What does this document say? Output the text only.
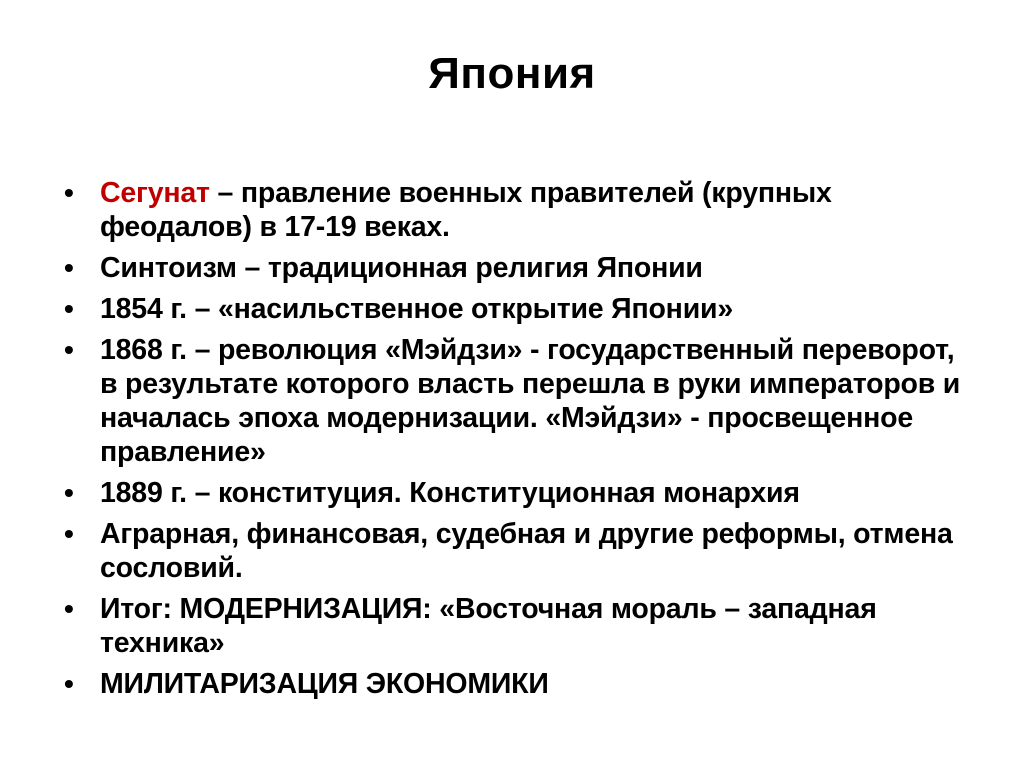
Япония
• Сегунат – правление военных правителей (крупных феодалов) в 17-19 веках.
• Синтоизм – традиционная религия Японии
• 1854 г. – «насильственное открытие Японии»
• 1868 г. – революция «Мэйдзи» - государственный переворот, в результате которого власть перешла в руки императоров и началась эпоха модернизации. «Мэйдзи» - просвещенное правление»
• 1889 г. – конституция. Конституционная монархия
• Аграрная, финансовая, судебная и другие реформы, отмена сословий.
• Итог: МОДЕРНИЗАЦИЯ: «Восточная мораль – западная техника»
• МИЛИТАРИЗАЦИЯ ЭКОНОМИКИ
